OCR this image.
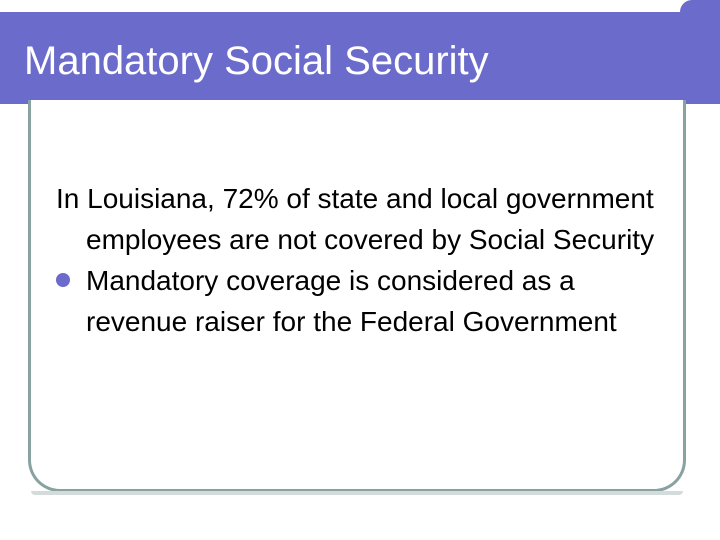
Mandatory Social Security

In Louisiana, 72% of state and local government employees are not covered by Social Security

Mandatory coverage is considered as a revenue raiser for the Federal Government
